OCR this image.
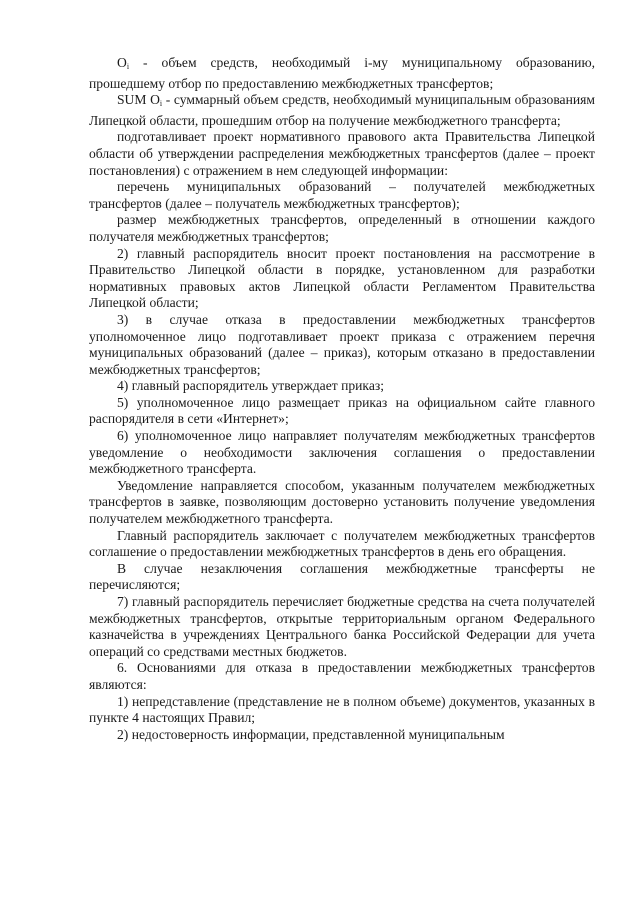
$O_i$ - объем средств, необходимый i-му муниципальному образованию, прошедшему отбор по предоставлению межбюджетных трансфертов;

SUM $O_i$ - суммарный объем средств, необходимый муниципальным образованиям Липецкой области, прошедшим отбор на получение межбюджетного трансферта;

подготавливает проект нормативного правового акта Правительства Липецкой области об утверждении распределения межбюджетных трансфертов (далее – проект постановления) с отражением в нем следующей информации:

перечень муниципальных образований – получателей межбюджетных трансфертов (далее – получатель межбюджетных трансфертов);

размер межбюджетных трансфертов, определенный в отношении каждого получателя межбюджетных трансфертов;

2) главный распорядитель вносит проект постановления на рассмотрение в Правительство Липецкой области в порядке, установленном для разработки нормативных правовых актов Липецкой области Регламентом Правительства Липецкой области;

3) в случае отказа в предоставлении межбюджетных трансфертов уполномоченное лицо подготавливает проект приказа с отражением перечня муниципальных образований (далее – приказ), которым отказано в предоставлении межбюджетных трансфертов;

4) главный распорядитель утверждает приказ;

5) уполномоченное лицо размещает приказ на официальном сайте главного распорядителя в сети «Интернет»;

6) уполномоченное лицо направляет получателям межбюджетных трансфертов уведомление о необходимости заключения соглашения о предоставлении межбюджетного трансферта.

Уведомление направляется способом, указанным получателем межбюджетных трансфертов в заявке, позволяющим достоверно установить получение уведомления получателем межбюджетного трансферта.

Главный распорядитель заключает с получателем межбюджетных трансфертов соглашение о предоставлении межбюджетных трансфертов в день его обращения.

В случае незаключения соглашения межбюджетные трансферты не перечисляются;

7) главный распорядитель перечисляет бюджетные средства на счета получателей межбюджетных трансфертов, открытые территориальным органом Федерального казначейства в учреждениях Центрального банка Российской Федерации для учета операций со средствами местных бюджетов.

6. Основаниями для отказа в предоставлении межбюджетных трансфертов являются:

1) непредставление (представление не в полном объеме) документов, указанных в пункте 4 настоящих Правил;

2) недостоверность информации, представленной муниципальным
